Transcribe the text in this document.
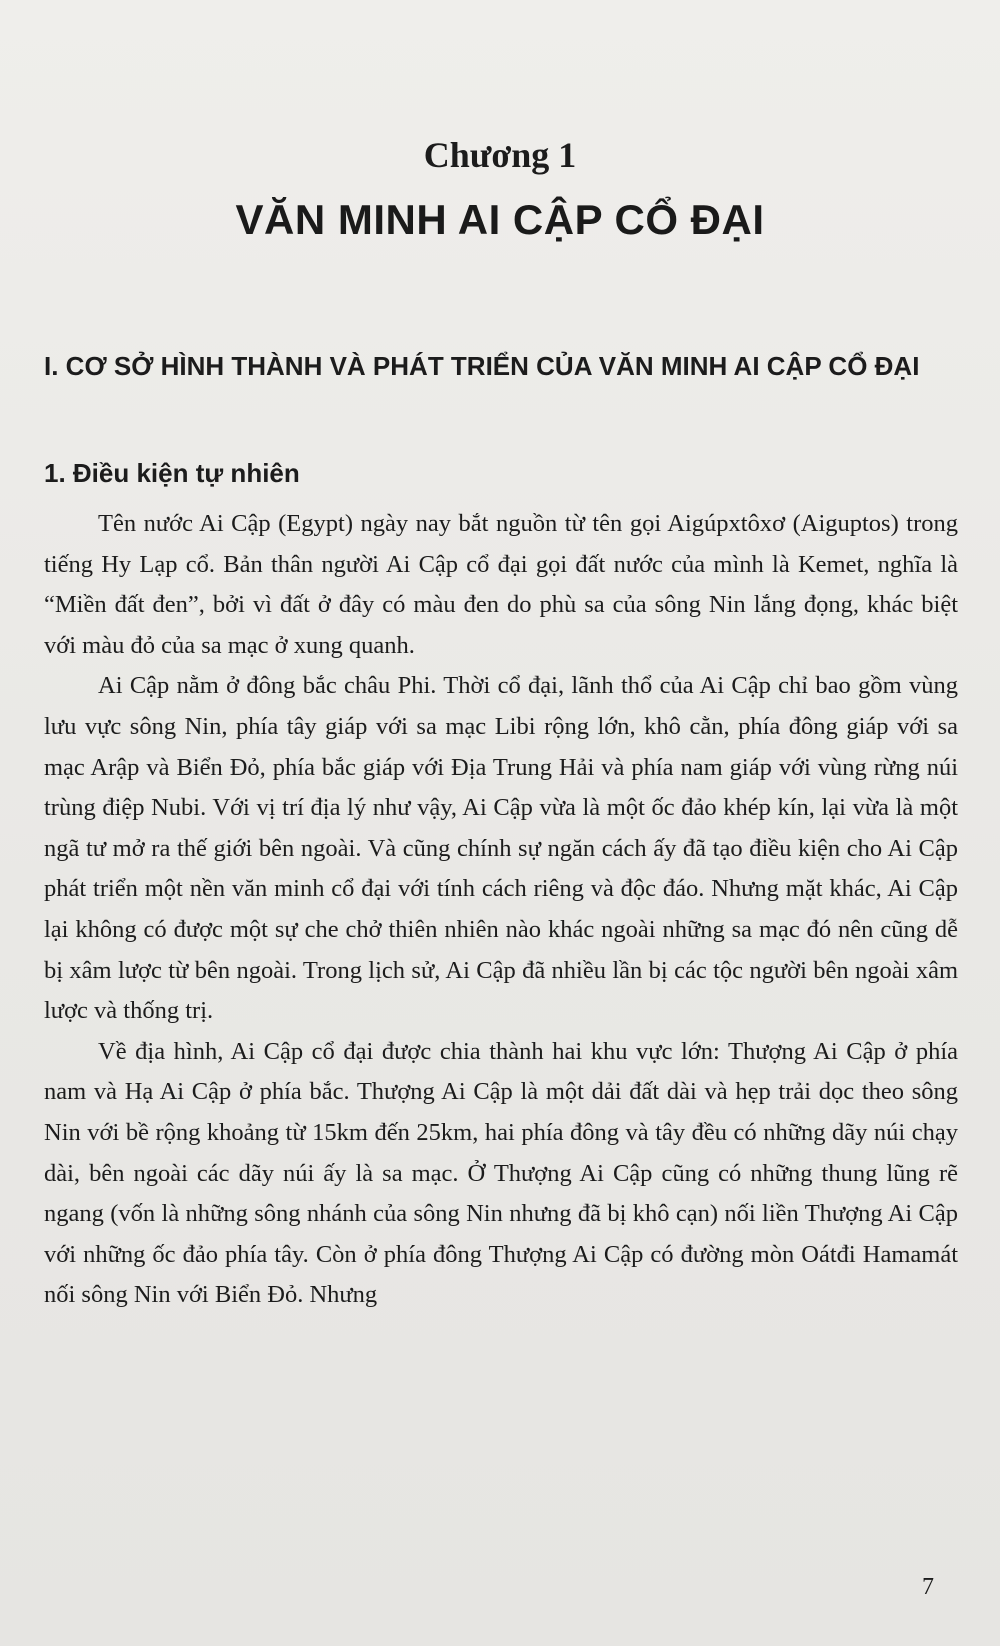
Chương 1
VĂN MINH AI CẬP CỔ ĐẠI
I. CƠ SỞ HÌNH THÀNH VÀ PHÁT TRIỂN CỦA VĂN MINH AI CẬP CỔ ĐẠI
1. Điều kiện tự nhiên

Tên nước Ai Cập (Egypt) ngày nay bắt nguồn từ tên gọi Aigúpxtôxơ (Aiguptos) trong tiếng Hy Lạp cổ. Bản thân người Ai Cập cổ đại gọi đất nước của mình là Kemet, nghĩa là “Miền đất đen”, bởi vì đất ở đây có màu đen do phù sa của sông Nin lắng đọng, khác biệt với màu đỏ của sa mạc ở xung quanh.

Ai Cập nằm ở đông bắc châu Phi. Thời cổ đại, lãnh thổ của Ai Cập chỉ bao gồm vùng lưu vực sông Nin, phía tây giáp với sa mạc Libi rộng lớn, khô cằn, phía đông giáp với sa mạc Arập và Biển Đỏ, phía bắc giáp với Địa Trung Hải và phía nam giáp với vùng rừng núi trùng điệp Nubi. Với vị trí địa lý như vậy, Ai Cập vừa là một ốc đảo khép kín, lại vừa là một ngã tư mở ra thế giới bên ngoài. Và cũng chính sự ngăn cách ấy đã tạo điều kiện cho Ai Cập phát triển một nền văn minh cổ đại với tính cách riêng và độc đáo. Nhưng mặt khác, Ai Cập lại không có được một sự che chở thiên nhiên nào khác ngoài những sa mạc đó nên cũng dễ bị xâm lược từ bên ngoài. Trong lịch sử, Ai Cập đã nhiều lần bị các tộc người bên ngoài xâm lược và thống trị.

Về địa hình, Ai Cập cổ đại được chia thành hai khu vực lớn: Thượng Ai Cập ở phía nam và Hạ Ai Cập ở phía bắc. Thượng Ai Cập là một dải đất dài và hẹp trải dọc theo sông Nin với bề rộng khoảng từ 15km đến 25km, hai phía đông và tây đều có những dãy núi chạy dài, bên ngoài các dãy núi ấy là sa mạc. Ở Thượng Ai Cập cũng có những thung lũng rẽ ngang (vốn là những sông nhánh của sông Nin nhưng đã bị khô cạn) nối liền Thượng Ai Cập với những ốc đảo phía tây. Còn ở phía đông Thượng Ai Cập có đường mòn Oátđi Hamamát nối sông Nin với Biển Đỏ. Nhưng

7
